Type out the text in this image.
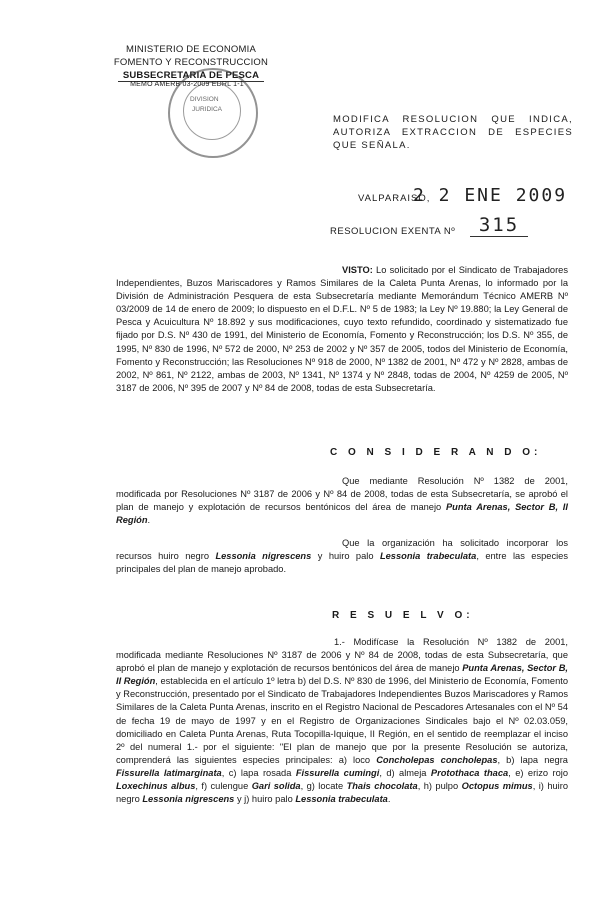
MINISTERIO DE ECONOMIA
FOMENTO Y RECONSTRUCCION
SUBSECRETARIA DE PESCA
MEMO AMERB 03-2009 EDRL 1-1
DIVISION
JURIDICA
MODIFICA RESOLUCION QUE INDICA, AUTORIZA EXTRACCION DE ESPECIES QUE SEÑALA.
VALPARAISO,
2 2 ENE 2009
RESOLUCION EXENTA Nº	315
VISTO: Lo solicitado por el Sindicato de Trabajadores Independientes, Buzos Mariscadores y Ramos Similares de la Caleta Punta Arenas, lo informado por la División de Administración Pesquera de esta Subsecretaría mediante Memorándum Técnico AMERB Nº 03/2009 de 14 de enero de 2009; lo dispuesto en el D.F.L. Nº 5 de 1983; la Ley Nº 19.880; la Ley General de Pesca y Acuicultura Nº 18.892 y sus modificaciones, cuyo texto refundido, coordinado y sistematizado fue fijado por D.S. Nº 430 de 1991, del Ministerio de Economía, Fomento y Reconstrucción; los D.S. Nº 355, de 1995, Nº 830 de 1996, Nº 572 de 2000, Nº 253 de 2002 y Nº 357 de 2005, todos del Ministerio de Economía, Fomento y Reconstrucción; las Resoluciones Nº 918 de 2000, Nº 1382 de 2001, Nº 472 y Nº 2828, ambas de 2002, Nº 861, Nº 2122, ambas de 2003, Nº 1341, Nº 1374 y Nº 2848, todas de 2004, Nº 4259 de 2005, Nº 3187 de 2006, Nº 395 de 2007 y Nº 84 de 2008, todas de esta Subsecretaría.
C O N S I D E R A N D O:
Que mediante Resolución Nº 1382 de 2001, modificada por Resoluciones Nº 3187 de 2006 y Nº 84 de 2008, todas de esta Subsecretaría, se aprobó el plan de manejo y explotación de recursos bentónicos del área de manejo Punta Arenas, Sector B, II Región.
Que la organización ha solicitado incorporar los recursos huiro negro Lessonia nigrescens y huiro palo Lessonia trabeculata, entre las especies principales del plan de manejo aprobado.
R E S U E L V O:
1.- Modifícase la Resolución Nº 1382 de 2001, modificada mediante Resoluciones Nº 3187 de 2006 y Nº 84 de 2008, todas de esta Subsecretaría, que aprobó el plan de manejo y explotación de recursos bentónicos del área de manejo Punta Arenas, Sector B, II Región, establecida en el artículo 1º letra b) del D.S. Nº 830 de 1996, del Ministerio de Economía, Fomento y Reconstrucción, presentado por el Sindicato de Trabajadores Independientes Buzos Mariscadores y Ramos Similares de la Caleta Punta Arenas, inscrito en el Registro Nacional de Pescadores Artesanales con el Nº 54 de fecha 19 de mayo de 1997 y en el Registro de Organizaciones Sindicales bajo el Nº 02.03.059, domiciliado en Caleta Punta Arenas, Ruta Tocopilla-Iquique, II Región, en el sentido de reemplazar el inciso 2º del numeral 1.- por el siguiente: "El plan de manejo que por la presente Resolución se autoriza, comprenderá las siguientes especies principales: a) loco Concholepas concholepas, b) lapa negra Fissurella latimarginata, c) lapa rosada Fissurella cumingi, d) almeja Protothaca thaca, e) erizo rojo Loxechinus albus, f) culengue Gari solida, g) locate Thais chocolata, h) pulpo Octopus mimus, i) huiro negro Lessonia nigrescens y j) huiro palo Lessonia trabeculata.
